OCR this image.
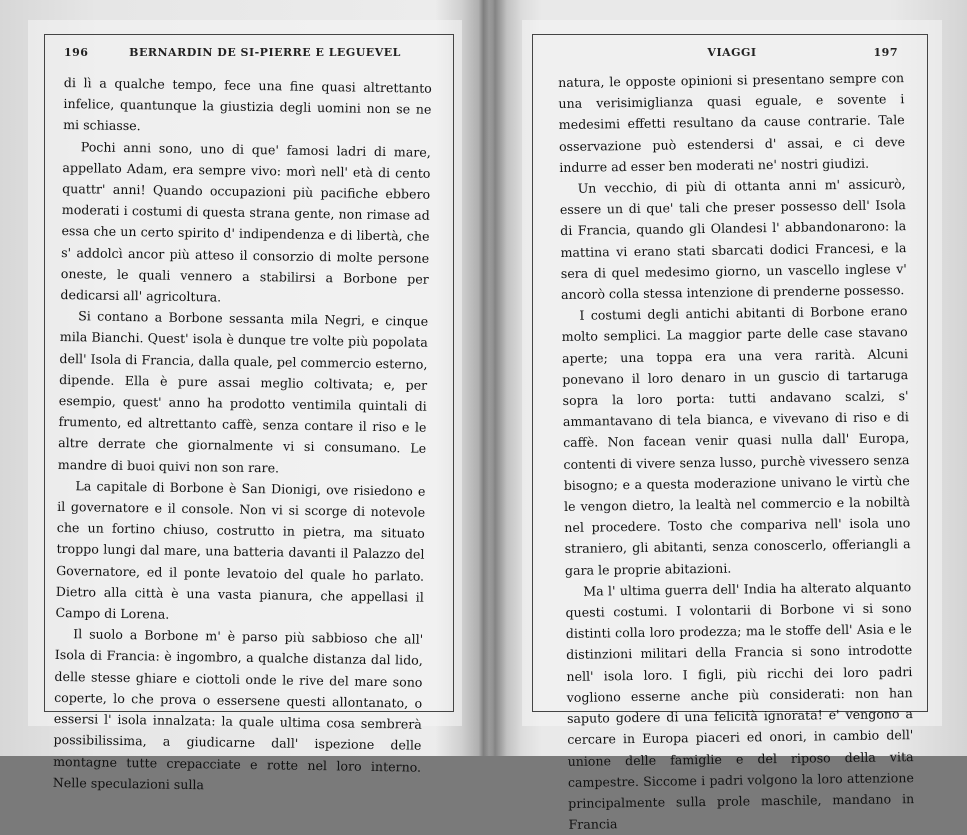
196	BERNARDIN DE SI-PIERRE E LEGUEVEL

di lì a qualche tempo, fece una fine quasi altrettanto infelice, quantunque la giustizia degli uomini non se ne mi schiasse.

Pochi anni sono, uno di que' famosi ladri di mare, appellato Adam, era sempre vivo: morì nell' età di cento quattr' anni! Quando occupazioni più pacifiche ebbero moderati i costumi di questa strana gente, non rimase ad essa che un certo spirito d' indipendenza e di libertà, che s' addolcì ancor più atteso il consorzio di molte persone oneste, le quali vennero a stabilirsi a Borbone per dedicarsi all' agricoltura.

Si contano a Borbone sessanta mila Negri, e cinque mila Bianchi. Quest' isola è dunque tre volte più popolata dell' Isola di Francia, dalla quale, pel commercio esterno, dipende. Ella è pure assai meglio coltivata; e, per esempio, quest' anno ha prodotto ventimila quintali di frumento, ed altrettanto caffè, senza contare il riso e le altre derrate che giornalmente vi si consumano. Le mandre di buoi quivi non son rare.

La capitale di Borbone è San Dionigi, ove risiedono e il governatore e il console. Non vi si scorge di notevole che un fortino chiuso, costrutto in pietra, ma situato troppo lungi dal mare, una batteria davanti il Palazzo del Governatore, ed il ponte levatoio del quale ho parlato. Dietro alla città è una vasta pianura, che appellasi il Campo di Lorena.

Il suolo a Borbone m' è parso più sabbioso che all' Isola di Francia: è ingombro, a qualche distanza dal lido, delle stesse ghiare e ciottoli onde le rive del mare sono coperte, lo che prova o essersene questi allontanato, o essersi l' isola innalzata: la quale ultima cosa sembrerà possibilissima, a giudicarne dall' ispezione delle montagne tutte crepacciate e rotte nel loro interno. Nelle speculazioni sulla

VIAGGI	197

natura, le opposte opinioni si presentano sempre con una verisimiglianza quasi eguale, e sovente i medesimi effetti resultano da cause contrarie. Tale osservazione può estendersi d' assai, e ci deve indurre ad esser ben moderati ne' nostri giudizi.

Un vecchio, di più di ottanta anni m' assicurò, essere un di que' tali che preser possesso dell' Isola di Francia, quando gli Olandesi l' abbandonarono: la mattina vi erano stati sbarcati dodici Francesi, e la sera di quel medesimo giorno, un vascello inglese v' ancorò colla stessa intenzione di prenderne possesso.

I costumi degli antichi abitanti di Borbone erano molto semplici. La maggior parte delle case stavano aperte; una toppa era una vera rarità. Alcuni ponevano il loro denaro in un guscio di tartaruga sopra la loro porta: tutti andavano scalzi, s' ammantavano di tela bianca, e vivevano di riso e di caffè. Non facean venir quasi nulla dall' Europa, contenti di vivere senza lusso, purchè vivessero senza bisogno; e a questa moderazione univano le virtù che le vengon dietro, la lealtà nel commercio e la nobiltà nel procedere. Tosto che compariva nell' isola uno straniero, gli abitanti, senza conoscerlo, offeriangli a gara le proprie abitazioni.

Ma l' ultima guerra dell' India ha alterato alquanto questi costumi. I volontarii di Borbone vi si sono distinti colla loro prodezza; ma le stoffe dell' Asia e le distinzioni militari della Francia si sono introdotte nell' isola loro. I figli, più ricchi dei loro padri vogliono esserne anche più considerati: non han saputo godere di una felicità ignorata! e' vengono a cercare in Europa piaceri ed onori, in cambio dell' unione delle famiglie e del riposo della vita campestre. Siccome i padri volgono la loro attenzione principalmente sulla prole maschile, mandano in Francia
